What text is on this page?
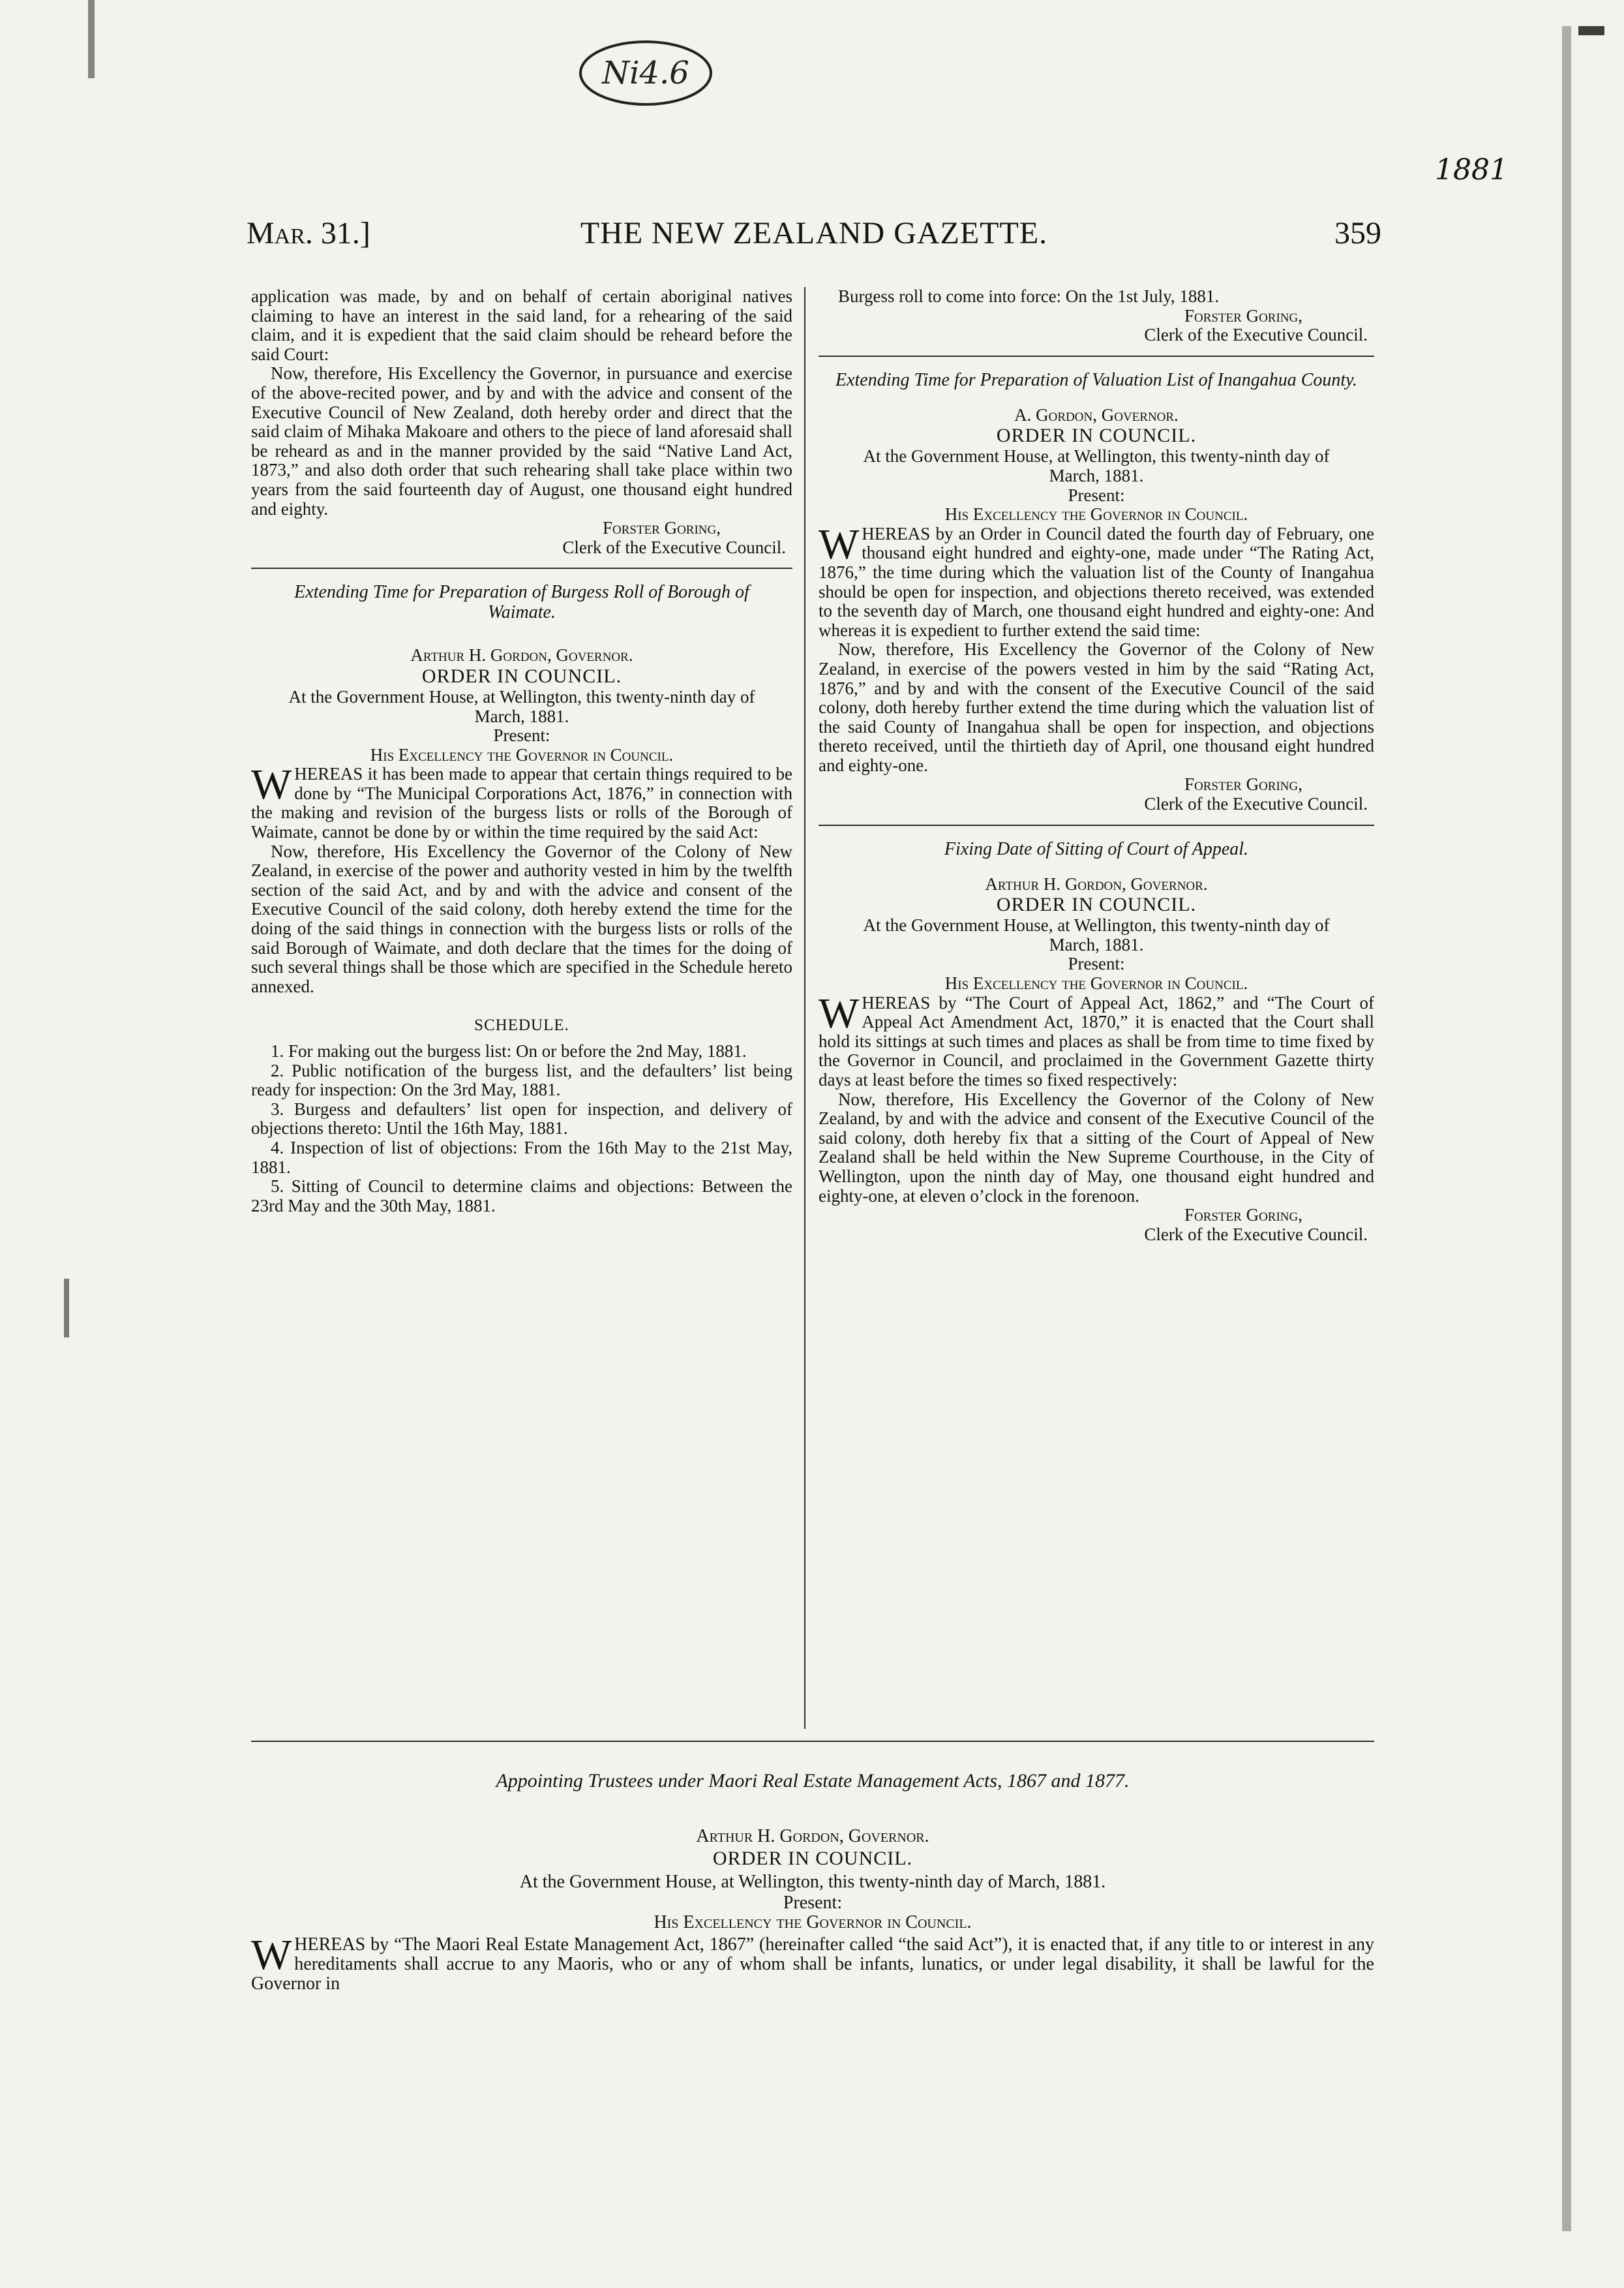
Ni4.6
1881
Mar. 31.]	THE NEW ZEALAND GAZETTE.	359

application was made, by and on behalf of certain aboriginal natives claiming to have an interest in the said land, for a rehearing of the said claim, and it is expedient that the said claim should be reheard before the said Court:

Now, therefore, His Excellency the Governor, in pursuance and exercise of the above-recited power, and by and with the advice and consent of the Executive Council of New Zealand, doth hereby order and direct that the said claim of Mihaka Makoare and others to the piece of land aforesaid shall be reheard as and in the manner provided by the said “Native Land Act, 1873,” and also doth order that such rehearing shall take place within two years from the said fourteenth day of August, one thousand eight hundred and eighty.

Forster Goring,

Clerk of the Executive Council.

Extending Time for Preparation of Burgess Roll of Borough of Waimate.

Arthur H. Gordon, Governor.

ORDER IN COUNCIL.

At the Government House, at Wellington, this twenty-ninth day of March, 1881.

Present:

His Excellency the Governor in Council.

WHEREAS it has been made to appear that certain things required to be done by “The Municipal Corporations Act, 1876,” in connection with the making and revision of the burgess lists or rolls of the Borough of Waimate, cannot be done by or within the time required by the said Act:

Now, therefore, His Excellency the Governor of the Colony of New Zealand, in exercise of the power and authority vested in him by the twelfth section of the said Act, and by and with the advice and consent of the Executive Council of the said colony, doth hereby extend the time for the doing of the said things in connection with the burgess lists or rolls of the said Borough of Waimate, and doth declare that the times for the doing of such several things shall be those which are specified in the Schedule hereto annexed.

SCHEDULE.

1. For making out the burgess list: On or before the 2nd May, 1881.

2. Public notification of the burgess list, and the defaulters’ list being ready for inspection: On the 3rd May, 1881.

3. Burgess and defaulters’ list open for inspection, and delivery of objections thereto: Until the 16th May, 1881.

4. Inspection of list of objections: From the 16th May to the 21st May, 1881.

5. Sitting of Council to determine claims and objections: Between the 23rd May and the 30th May, 1881.

Burgess roll to come into force: On the 1st July, 1881.

Forster Goring,

Clerk of the Executive Council.

Extending Time for Preparation of Valuation List of Inangahua County.

A. Gordon, Governor.

ORDER IN COUNCIL.

At the Government House, at Wellington, this twenty-ninth day of March, 1881.

Present:

His Excellency the Governor in Council.

WHEREAS by an Order in Council dated the fourth day of February, one thousand eight hundred and eighty-one, made under “The Rating Act, 1876,” the time during which the valuation list of the County of Inangahua should be open for inspection, and objections thereto received, was extended to the seventh day of March, one thousand eight hundred and eighty-one: And whereas it is expedient to further extend the said time:

Now, therefore, His Excellency the Governor of the Colony of New Zealand, in exercise of the powers vested in him by the said “Rating Act, 1876,” and by and with the consent of the Executive Council of the said colony, doth hereby further extend the time during which the valuation list of the said County of Inangahua shall be open for inspection, and objections thereto received, until the thirtieth day of April, one thousand eight hundred and eighty-one.

Forster Goring,

Clerk of the Executive Council.

Fixing Date of Sitting of Court of Appeal.

Arthur H. Gordon, Governor.

ORDER IN COUNCIL.

At the Government House, at Wellington, this twenty-ninth day of March, 1881.

Present:

His Excellency the Governor in Council.

WHEREAS by “The Court of Appeal Act, 1862,” and “The Court of Appeal Act Amendment Act, 1870,” it is enacted that the Court shall hold its sittings at such times and places as shall be from time to time fixed by the Governor in Council, and proclaimed in the Government Gazette thirty days at least before the times so fixed respectively:

Now, therefore, His Excellency the Governor of the Colony of New Zealand, by and with the advice and consent of the Executive Council of the said colony, doth hereby fix that a sitting of the Court of Appeal of New Zealand shall be held within the New Supreme Courthouse, in the City of Wellington, upon the ninth day of May, one thousand eight hundred and eighty-one, at eleven o’clock in the forenoon.

Forster Goring,

Clerk of the Executive Council.

Appointing Trustees under Maori Real Estate Management Acts, 1867 and 1877.
Arthur H. Gordon, Governor.
ORDER IN COUNCIL.
At the Government House, at Wellington, this twenty-ninth day of March, 1881.
Present:
His Excellency the Governor in Council.
WHEREAS by “The Maori Real Estate Management Act, 1867” (hereinafter called “the said Act”), it is enacted that, if any title to or interest in any hereditaments shall accrue to any Maoris, who or any of whom shall be infants, lunatics, or under legal disability, it shall be lawful for the Governor in
